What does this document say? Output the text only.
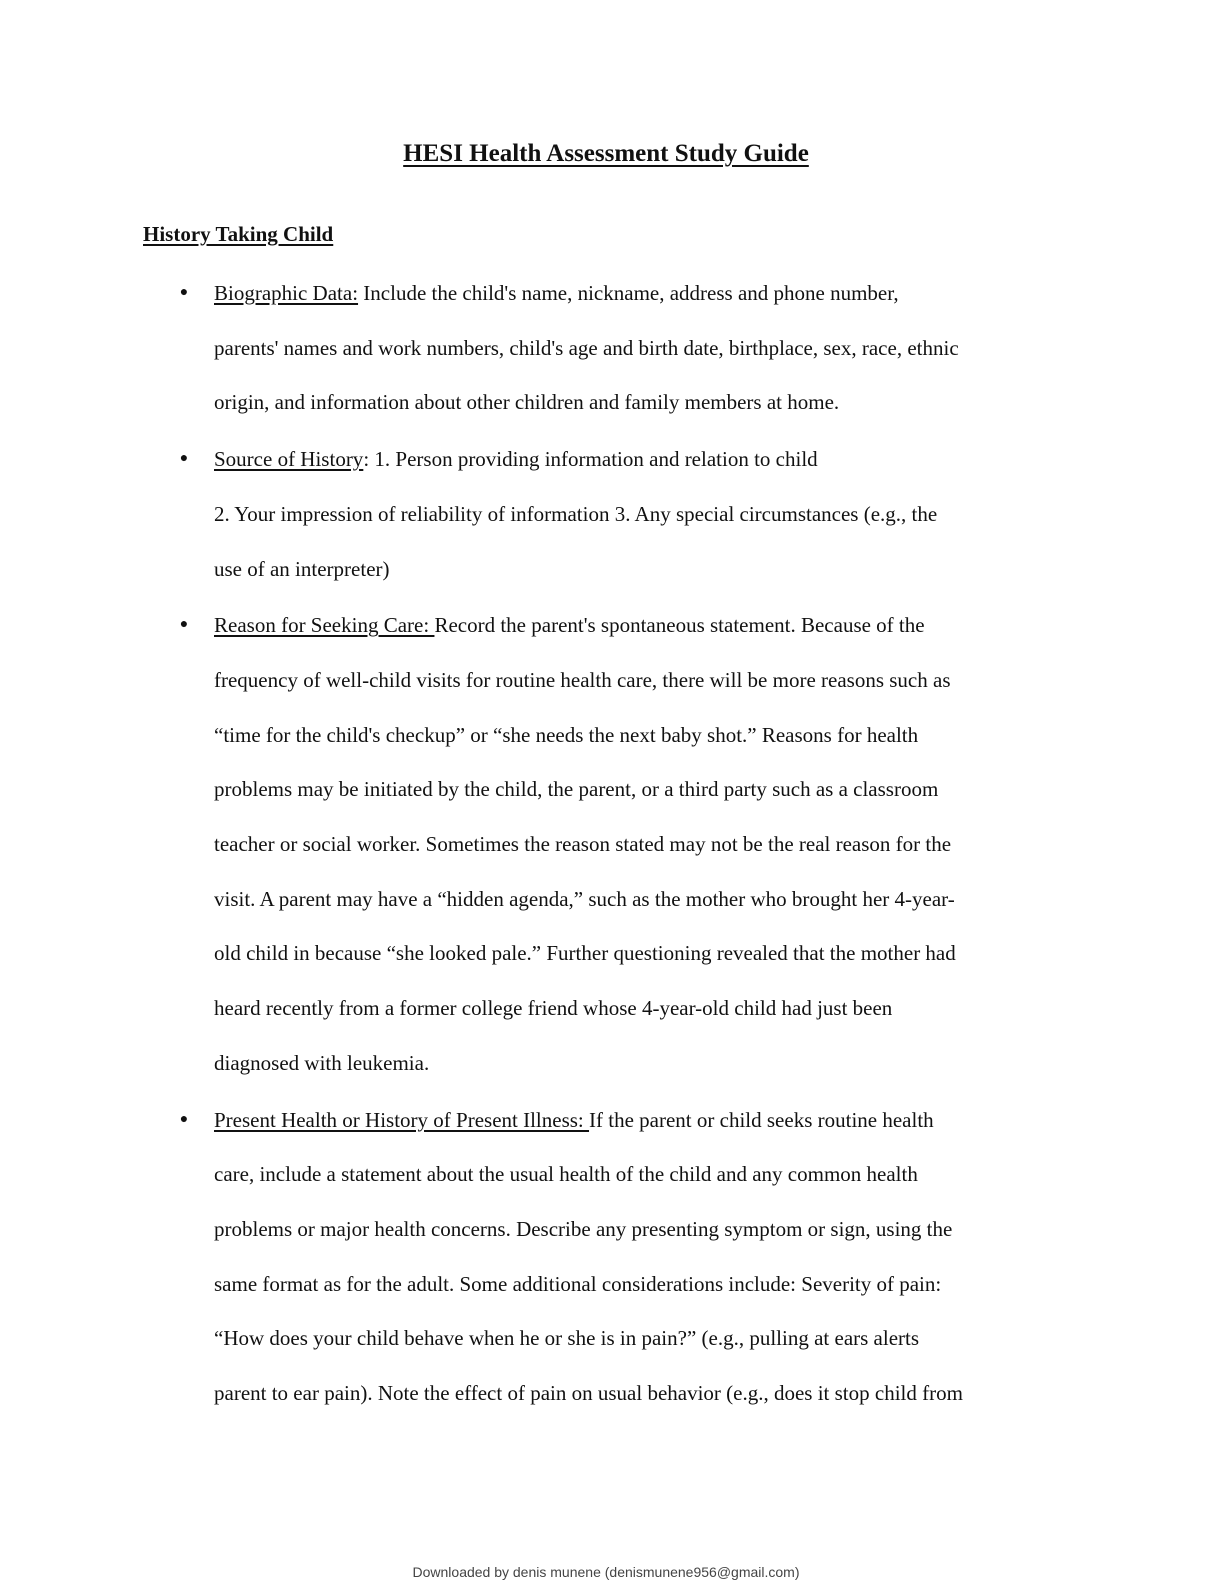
HESI Health Assessment Study Guide
History Taking Child
● Biographic Data: Include the child's name, nickname, address and phone number,
parents' names and work numbers, child's age and birth date, birthplace, sex, race, ethnic
origin, and information about other children and family members at home.
● Source of History: 1. Person providing information and relation to child
2. Your impression of reliability of information 3. Any special circumstances (e.g., the
use of an interpreter)
● Reason for Seeking Care: Record the parent's spontaneous statement. Because of the
frequency of well-child visits for routine health care, there will be more reasons such as
“time for the child's checkup” or “she needs the next baby shot.” Reasons for health
problems may be initiated by the child, the parent, or a third party such as a classroom
teacher or social worker. Sometimes the reason stated may not be the real reason for the
visit. A parent may have a “hidden agenda,” such as the mother who brought her 4-year-
old child in because “she looked pale.” Further questioning revealed that the mother had
heard recently from a former college friend whose 4-year-old child had just been
diagnosed with leukemia.
● Present Health or History of Present Illness: If the parent or child seeks routine health
care, include a statement about the usual health of the child and any common health
problems or major health concerns. Describe any presenting symptom or sign, using the
same format as for the adult. Some additional considerations include: Severity of pain:
“How does your child behave when he or she is in pain?” (e.g., pulling at ears alerts
parent to ear pain). Note the effect of pain on usual behavior (e.g., does it stop child from
Downloaded by denis munene (denismunene956@gmail.com)
